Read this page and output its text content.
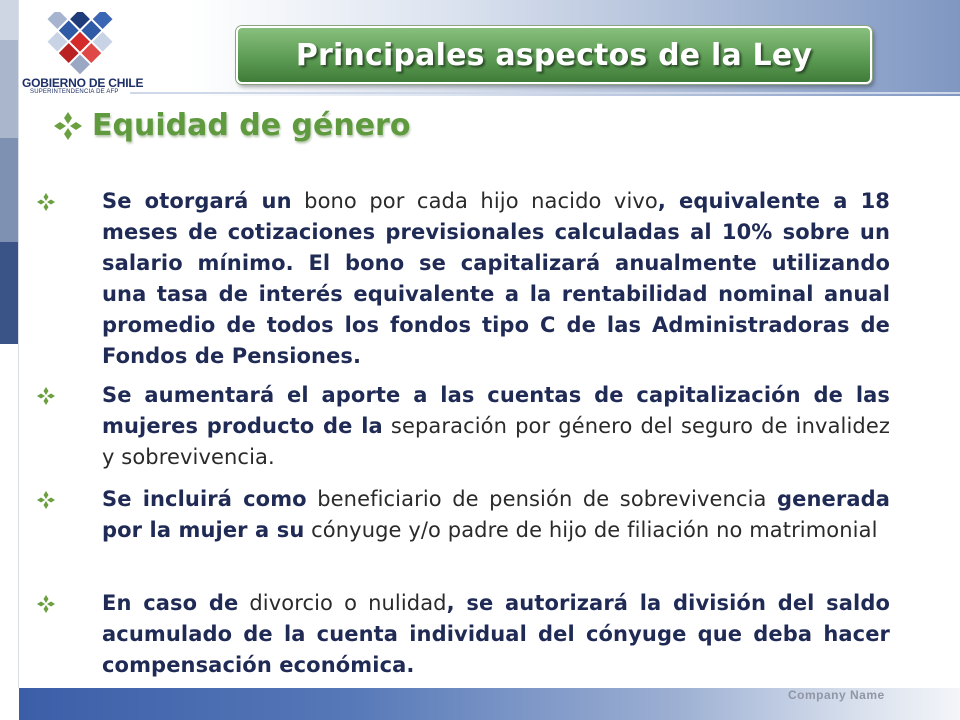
GOBIERNO DE CHILE
SUPERINTENDENCIA DE AFP
Principales aspectos de la Ley
Equidad de género
Se otorgará un bono por cada hijo nacido vivo, equivalente a 18 meses de cotizaciones previsionales calculadas al 10% sobre un salario mínimo. El bono se capitalizará anualmente utilizando una tasa de interés equivalente a la rentabilidad nominal anual promedio de todos los fondos tipo C de las Administradoras de Fondos de Pensiones.
Se aumentará el aporte a las cuentas de capitalización de las mujeres producto de la separación por género del seguro de invalidez y sobrevivencia.
Se incluirá como beneficiario de pensión de sobrevivencia generada por la mujer a su cónyuge y/o padre de hijo de filiación no matrimonial
En caso de divorcio o nulidad, se autorizará la división del saldo acumulado de la cuenta individual del cónyuge que deba hacer compensación económica.
Company Name
